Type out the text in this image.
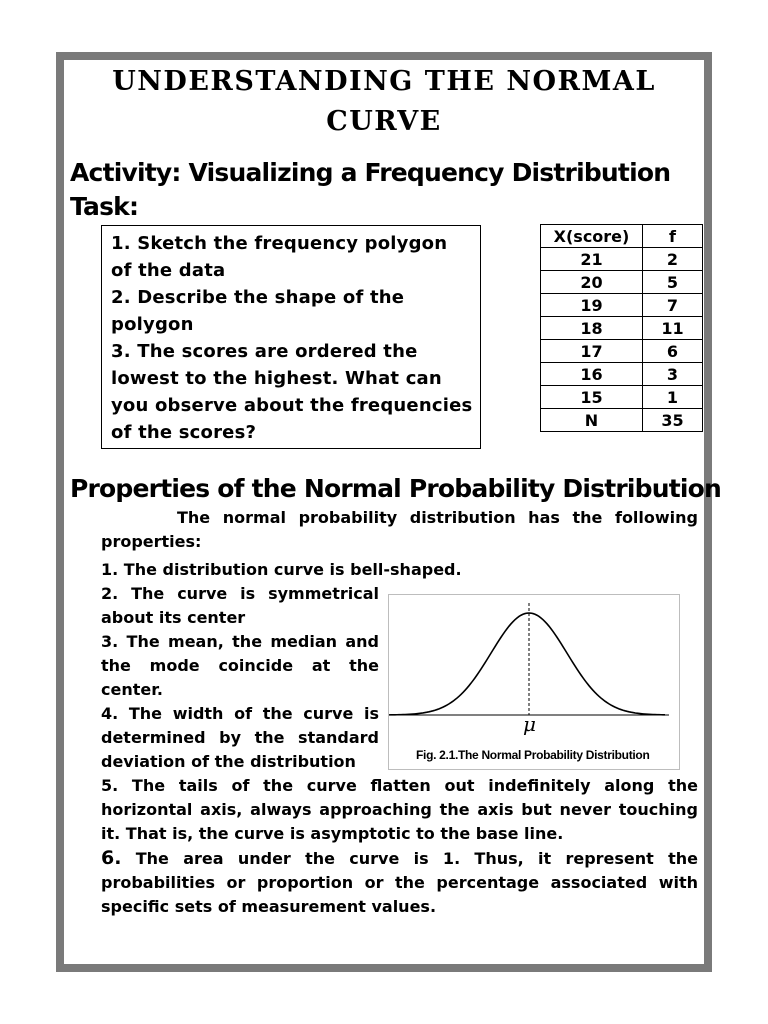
UNDERSTANDING THE NORMAL
CURVE
Activity: Visualizing a Frequency Distribution
Task:
1. Sketch the frequency polygon of the data
2. Describe the shape of the polygon
3. The scores are ordered the lowest to the highest. What can you observe about the frequencies of the scores?
X(score)	f
21	2
20	5
19	7
18	11
17	6
16	3
15	1
N	35
Properties of the Normal Probability Distribution
The normal probability distribution has the following properties:

1. The distribution curve is bell-shaped.

2. The curve is symmetrical about its center

3. The mean, the median and the mode coincide at the center.

4. The width of the curve is determined by the standard deviation of the distribution

μ
Fig. 2.1.The Normal Probability Distribution

5. The tails of the curve flatten out indefinitely along the horizontal axis, always approaching the axis but never touching it. That is, the curve is asymptotic to the base line.

6. The area under the curve is 1. Thus, it represent the probabilities or proportion or the percentage associated with specific sets of measurement values.
